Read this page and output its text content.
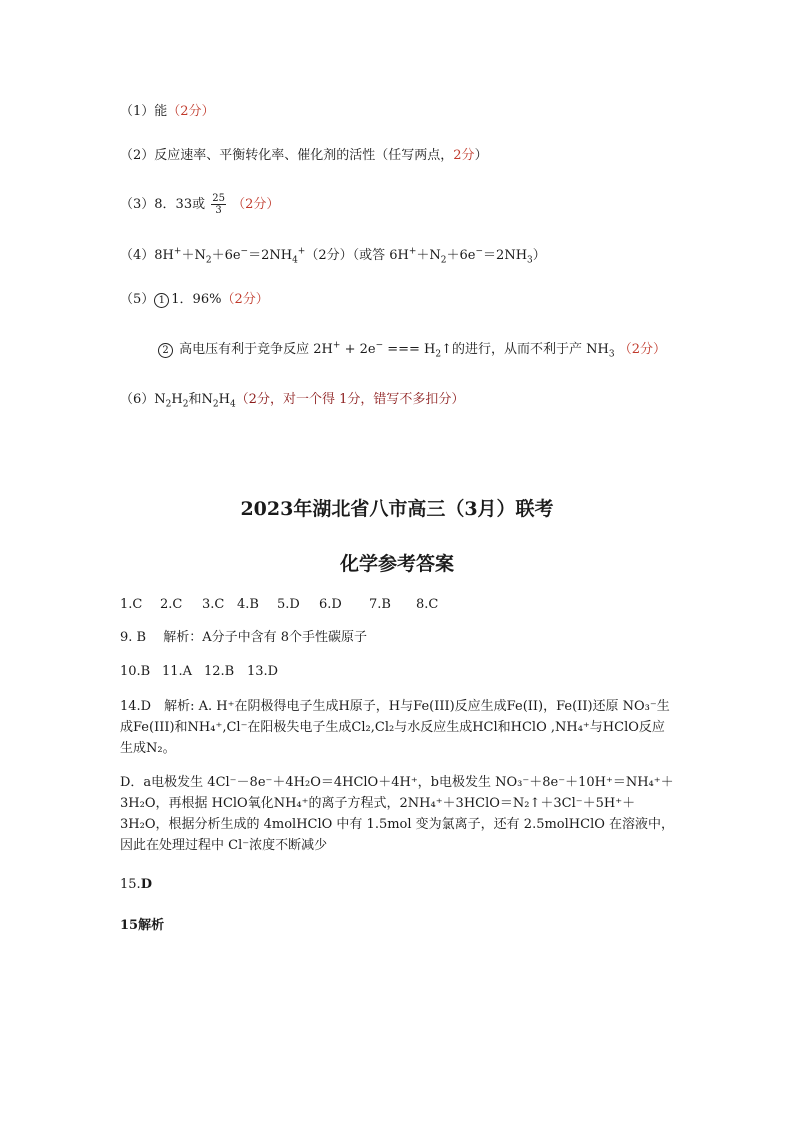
（1）能（2分）
（2）反应速率、平衡转化率、催化剂的活性（任写两点，2分）
（3）8．33或 $\frac{25}{3} (2$分）
$(4)8H^++N_2+6e^-=2NH_4^+(2$分）（或答 $6H^++N_2+6e^-=2NH_3$）
（5） 1 1．96%（2分）
2 高电压有利于竞争反应 2H+ + 2e− === $H_2↑$的进行，从而不利于产 $NH_3$ （2分）
$(6)N_2H_2$和$N_2H_4(2$分，对一个得 1分，错写不多扣分）
2023年湖北省八市高三（3月）联考
化学参考答案
1.C 2.C 3.C 4.B 5.D 6.D 7.B 8.C
9. B 　解析：A分子中含有 8个手性碳原子
10.B 11.A 12.B 13.D
14.D　解析: A. H⁺在阴极得电子生成H原子，H与Fe(III)反应生成Fe(II)，Fe(II)还原 NO₃⁻生成Fe(III)和NH₄⁺,Cl⁻在阳极失电子生成Cl₂,Cl₂与水反应生成HCl和HClO ,NH₄⁺与HClO反应生成N₂。
D．a电极发生 4Cl⁻－8e⁻＋4H₂O＝4HClO＋4H⁺，b电极发生 NO₃⁻＋8e⁻＋10H⁺＝NH₄⁺＋3H₂O，再根据 HClO氧化NH₄⁺的离子方程式，2NH₄⁺＋3HClO＝N₂↑＋3Cl⁻＋5H⁺＋3H₂O，根据分析生成的 4molHClO 中有 1.5mol 变为氯离子，还有 2.5molHClO 在溶液中，因此在处理过程中 Cl⁻浓度不断减少
15.D
15解析
